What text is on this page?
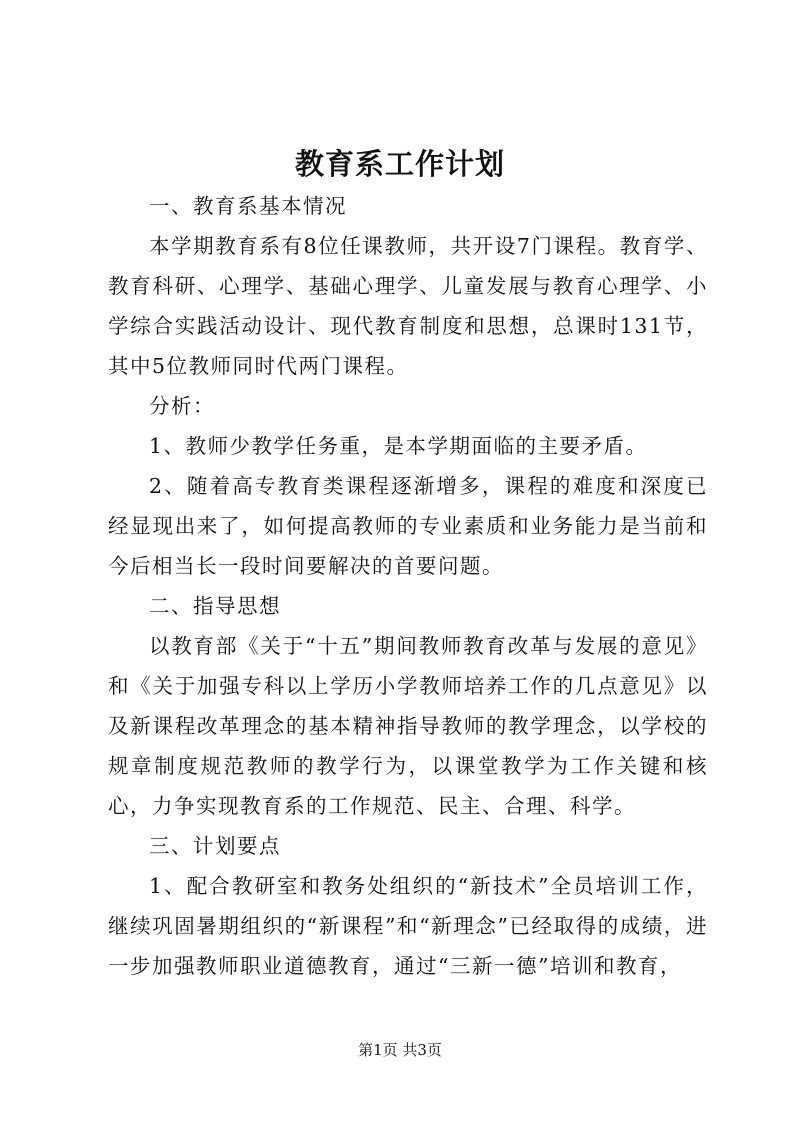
教育系工作计划

一、教育系基本情况

本学期教育系有8位任课教师，共开设7门课程。教育学、教育科研、心理学、基础心理学、儿童发展与教育心理学、小学综合实践活动设计、现代教育制度和思想，总课时131节，其中5位教师同时代两门课程。

分析：

1、教师少教学任务重，是本学期面临的主要矛盾。

2、随着高专教育类课程逐渐增多，课程的难度和深度已经显现出来了，如何提高教师的专业素质和业务能力是当前和今后相当长一段时间要解决的首要问题。

二、指导思想

以教育部《关于“十五”期间教师教育改革与发展的意见》和《关于加强专科以上学历小学教师培养工作的几点意见》以及新课程改革理念的基本精神指导教师的教学理念，以学校的规章制度规范教师的教学行为，以课堂教学为工作关键和核心，力争实现教育系的工作规范、民主、合理、科学。

三、计划要点

1、配合教研室和教务处组织的“新技术”全员培训工作，继续巩固暑期组织的“新课程”和“新理念”已经取得的成绩，进一步加强教师职业道德教育，通过“三新一德”培训和教育，

第1页 共3页
